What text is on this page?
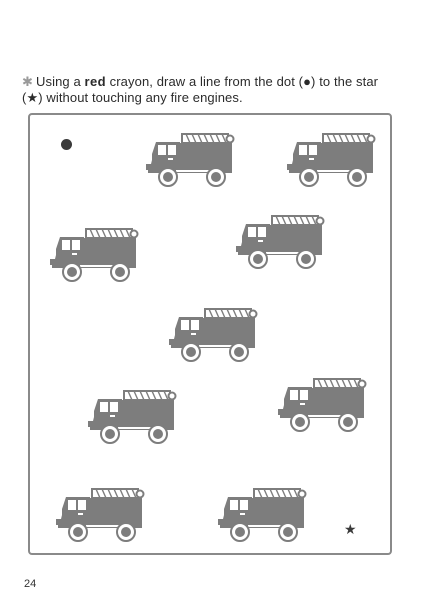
✱ Using a red crayon, draw a line from the dot (●) to the star (★) without touching any fire engines.
★
24
